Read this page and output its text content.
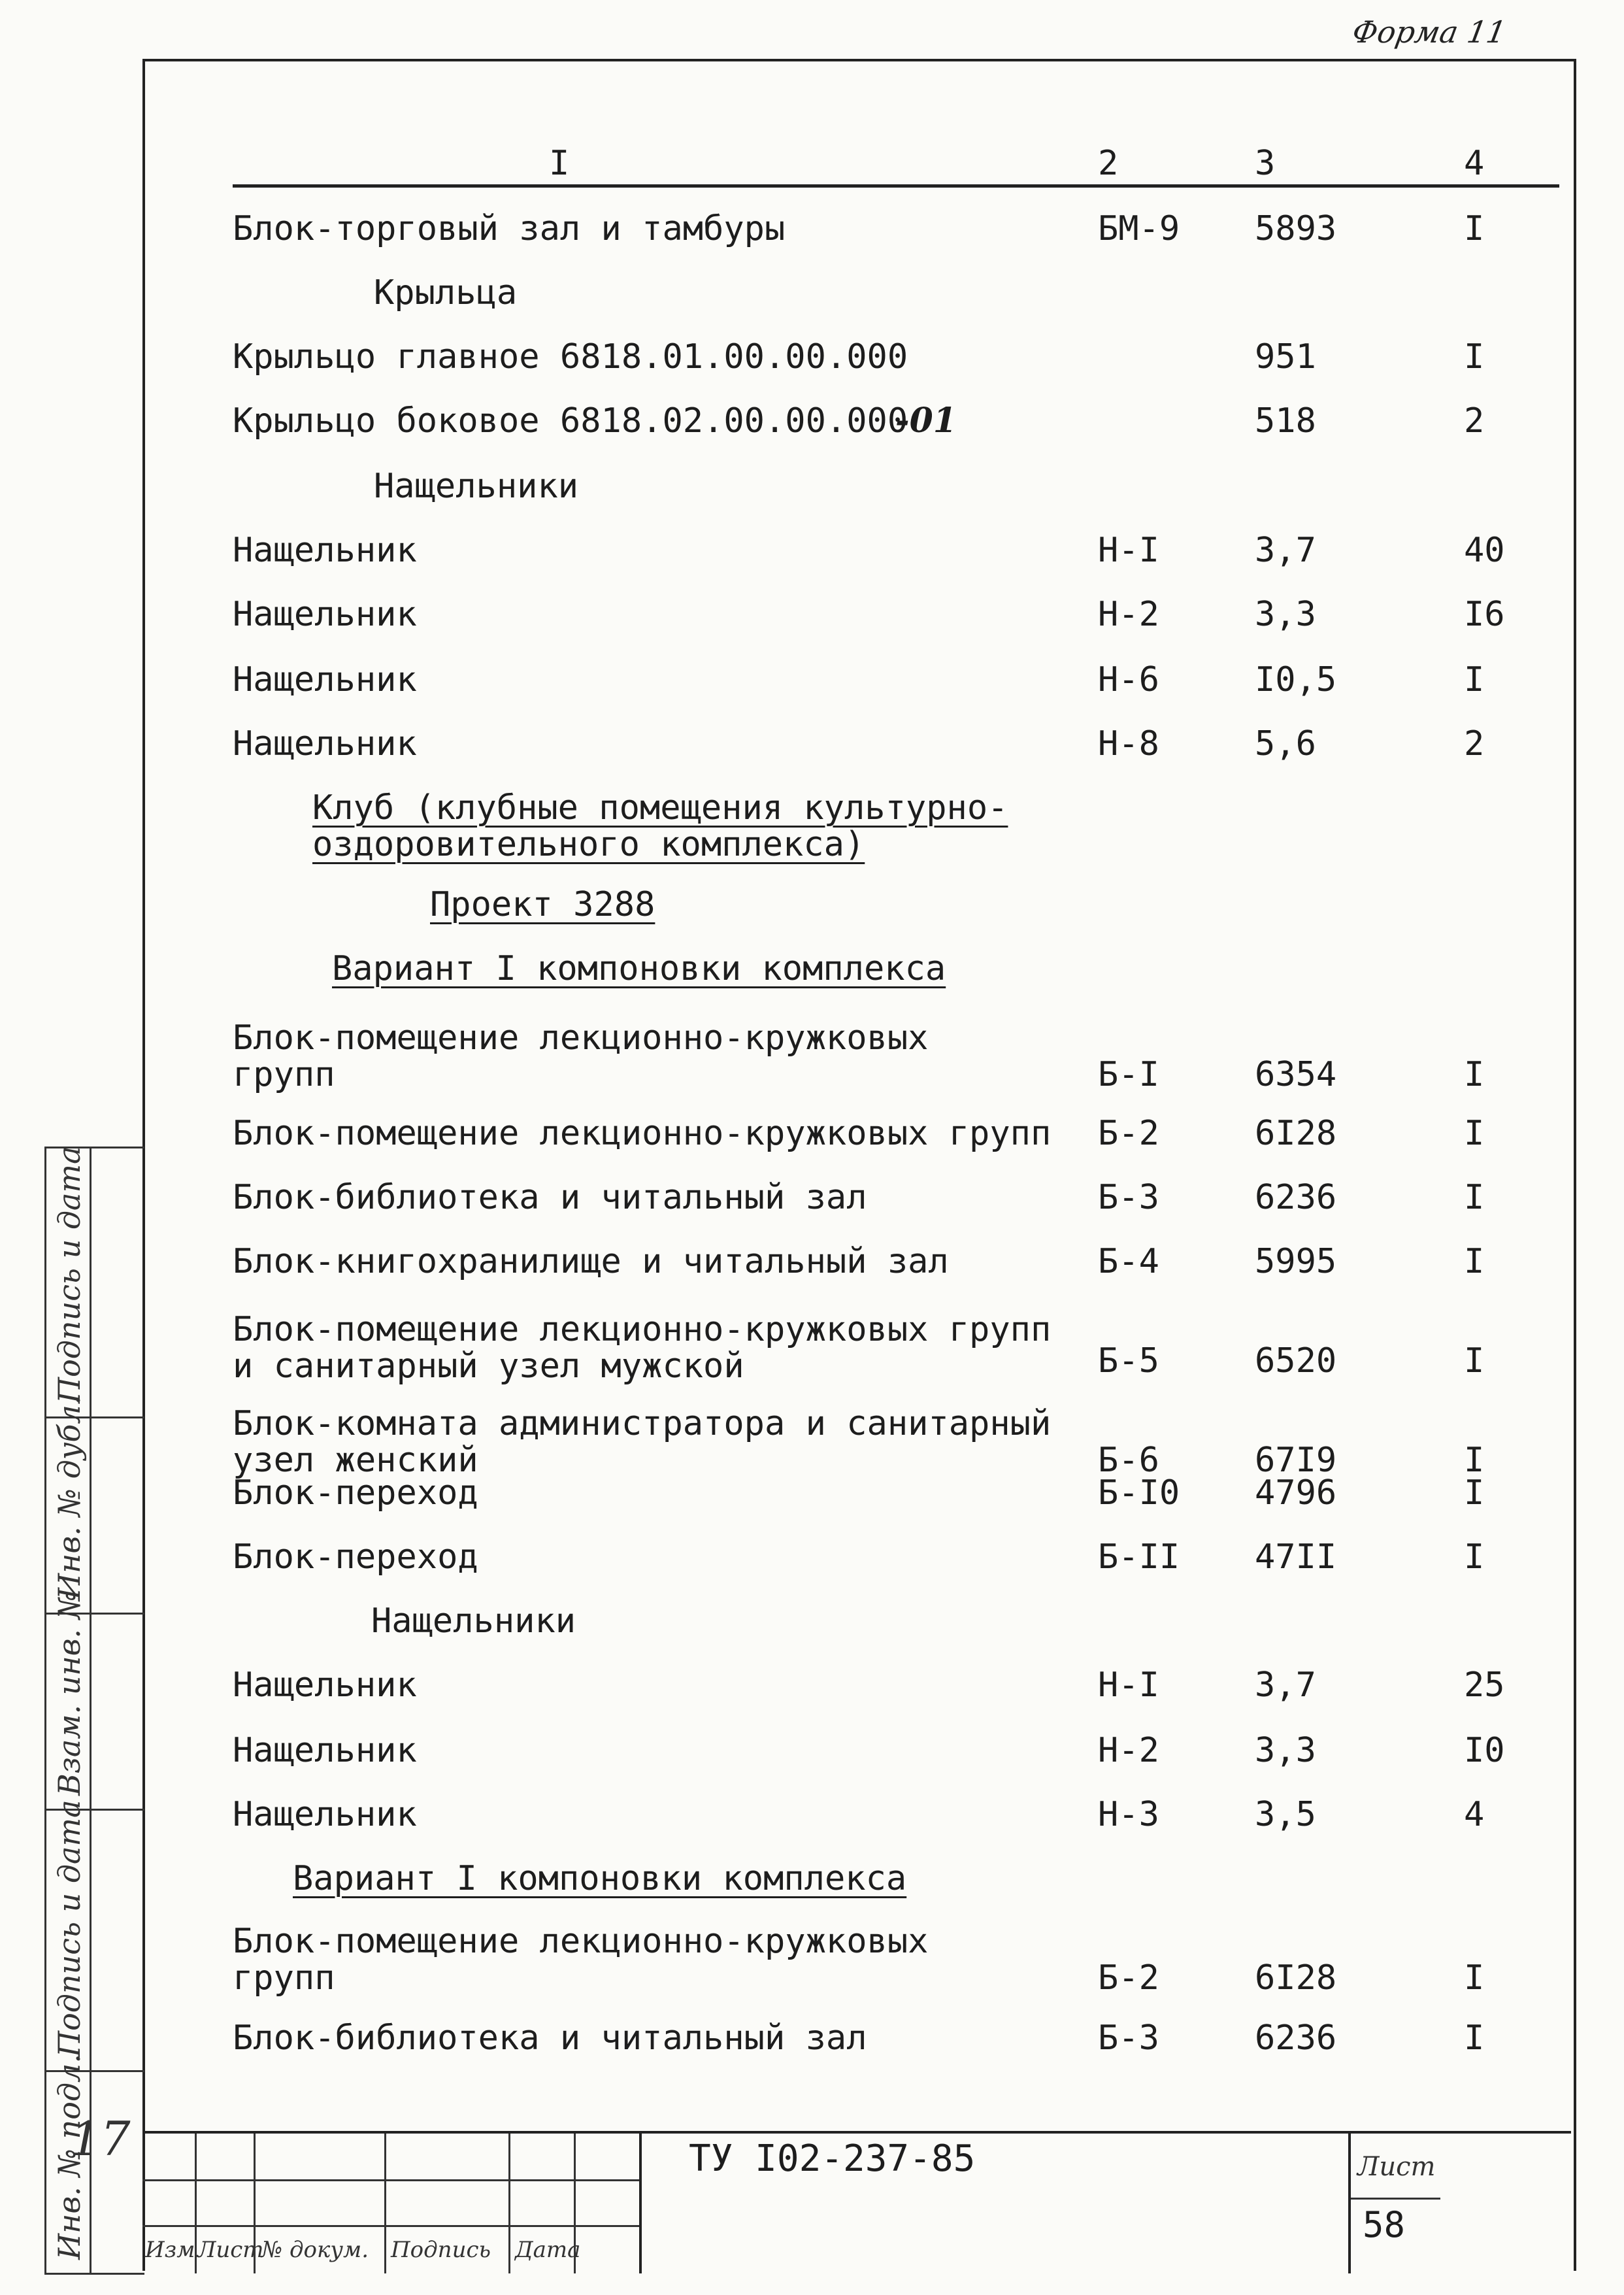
Форма 11
I	2	3	4
Блок-торговый зал и тамбуры	БМ-9 5893	I
Крыльца
Крыльцо главное 6818.01.00.00.000	951	I
Крыльцо боковое 6818.02.00.00.000	518	2
-01
Нащельники
Нащельник	Н-I	3,7	40
Нащельник	Н-2	3,3	I6
Нащельник	Н-6	I0,5	I
Нащельник	Н-8	5,6	2
Клуб (клубные помещения культурно-
оздоровительного комплекса)
Проект 3288
Вариант I компоновки комплекса
Блок-помещение лекционно-кружковых
групп	Б-I	6354	I
Блок-помещение лекционно-кружковых групп Б-2	6I28	I
Блок-библиотека и читальный зал	Б-3	6236	I
Блок-книгохранилище и читальный зал	Б-4	5995	I
Блок-помещение лекционно-кружковых групп
и санитарный узел мужской	Б-5	6520	I
Блок-комната администратора и санитарный
узел женский	Б-6	67I9	I
Блок-переход	Б-I0 4796	I
Блок-переход	Б-II 47II	I
Нащельники
Нащельник	Н-I	3,7	25
Нащельник	Н-2	3,3	I0
Нащельник	Н-3	3,5	4
Вариант I компоновки комплекса
Блок-помещение лекционно-кружковых
групп	Б-2	6I28	I
Блок-библиотека и читальный зал	Б-3	6236	I
Подпись и дата
Инв. № дубл.
Взам. инв. №
Подпись и дата
Инв. № подл.
17
Изм Лист
№ докум. Подпись Дата
ТУ I02-237-85	Лист
58
